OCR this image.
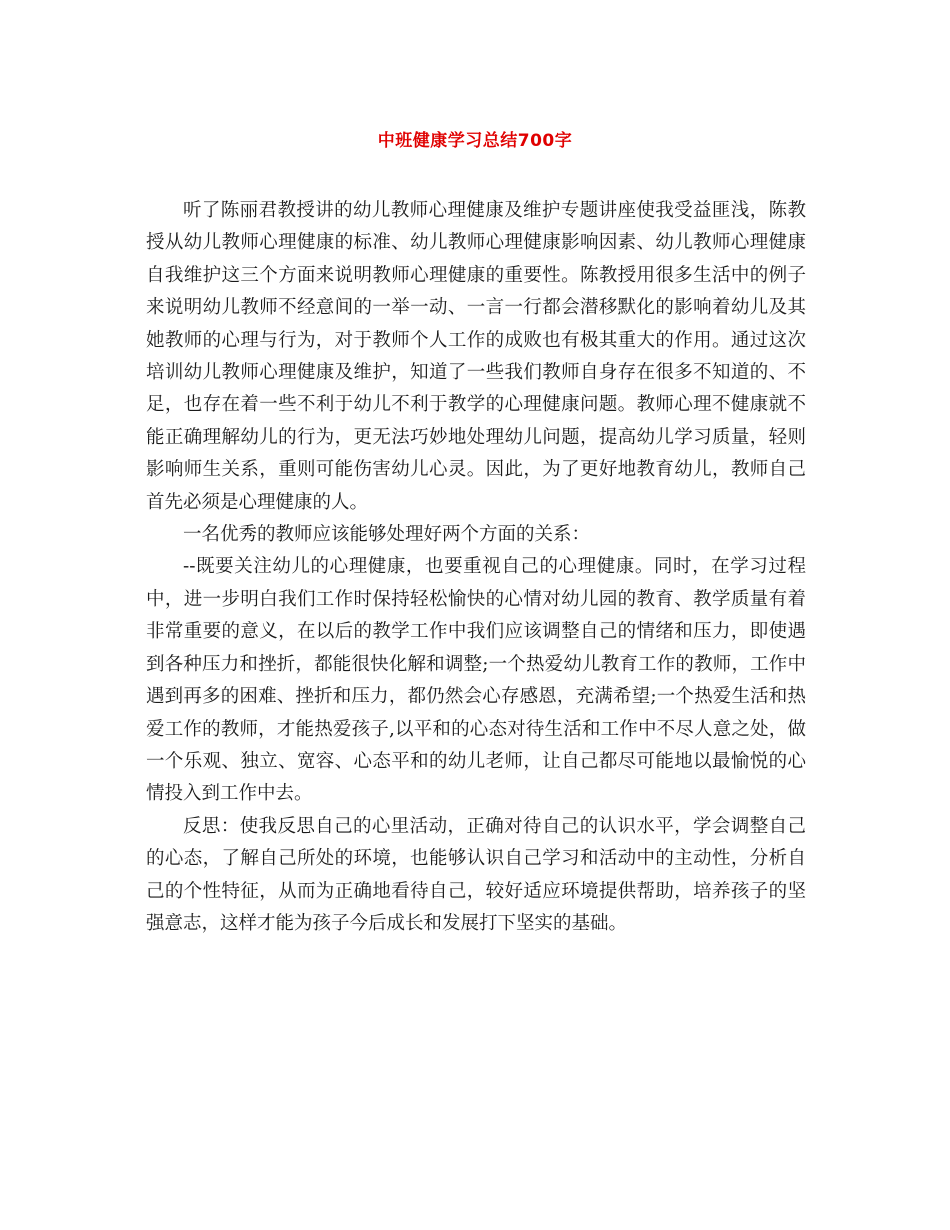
中班健康学习总结700字

听了陈丽君教授讲的幼儿教师心理健康及维护专题讲座使我受益匪浅，陈教授从幼儿教师心理健康的标准、幼儿教师心理健康影响因素、幼儿教师心理健康自我维护这三个方面来说明教师心理健康的重要性。陈教授用很多生活中的例子来说明幼儿教师不经意间的一举一动、一言一行都会潜移默化的影响着幼儿及其她教师的心理与行为，对于教师个人工作的成败也有极其重大的作用。通过这次培训幼儿教师心理健康及维护，知道了一些我们教师自身存在很多不知道的、不足，也存在着一些不利于幼儿不利于教学的心理健康问题。教师心理不健康就不能正确理解幼儿的行为，更无法巧妙地处理幼儿问题，提高幼儿学习质量，轻则影响师生关系，重则可能伤害幼儿心灵。因此，为了更好地教育幼儿，教师自己首先必须是心理健康的人。

一名优秀的教师应该能够处理好两个方面的关系：

--既要关注幼儿的心理健康，也要重视自己的心理健康。同时，在学习过程中，进一步明白我们工作时保持轻松愉快的心情对幼儿园的教育、教学质量有着非常重要的意义，在以后的教学工作中我们应该调整自己的情绪和压力，即使遇到各种压力和挫折，都能很快化解和调整;一个热爱幼儿教育工作的教师，工作中遇到再多的困难、挫折和压力，都仍然会心存感恩，充满希望;一个热爱生活和热爱工作的教师，才能热爱孩子,以平和的心态对待生活和工作中不尽人意之处，做一个乐观、独立、宽容、心态平和的幼儿老师，让自己都尽可能地以最愉悦的心情投入到工作中去。

反思：使我反思自己的心里活动，正确对待自己的认识水平，学会调整自己的心态，了解自己所处的环境，也能够认识自己学习和活动中的主动性，分析自己的个性特征，从而为正确地看待自己，较好适应环境提供帮助，培养孩子的坚强意志，这样才能为孩子今后成长和发展打下坚实的基础。
